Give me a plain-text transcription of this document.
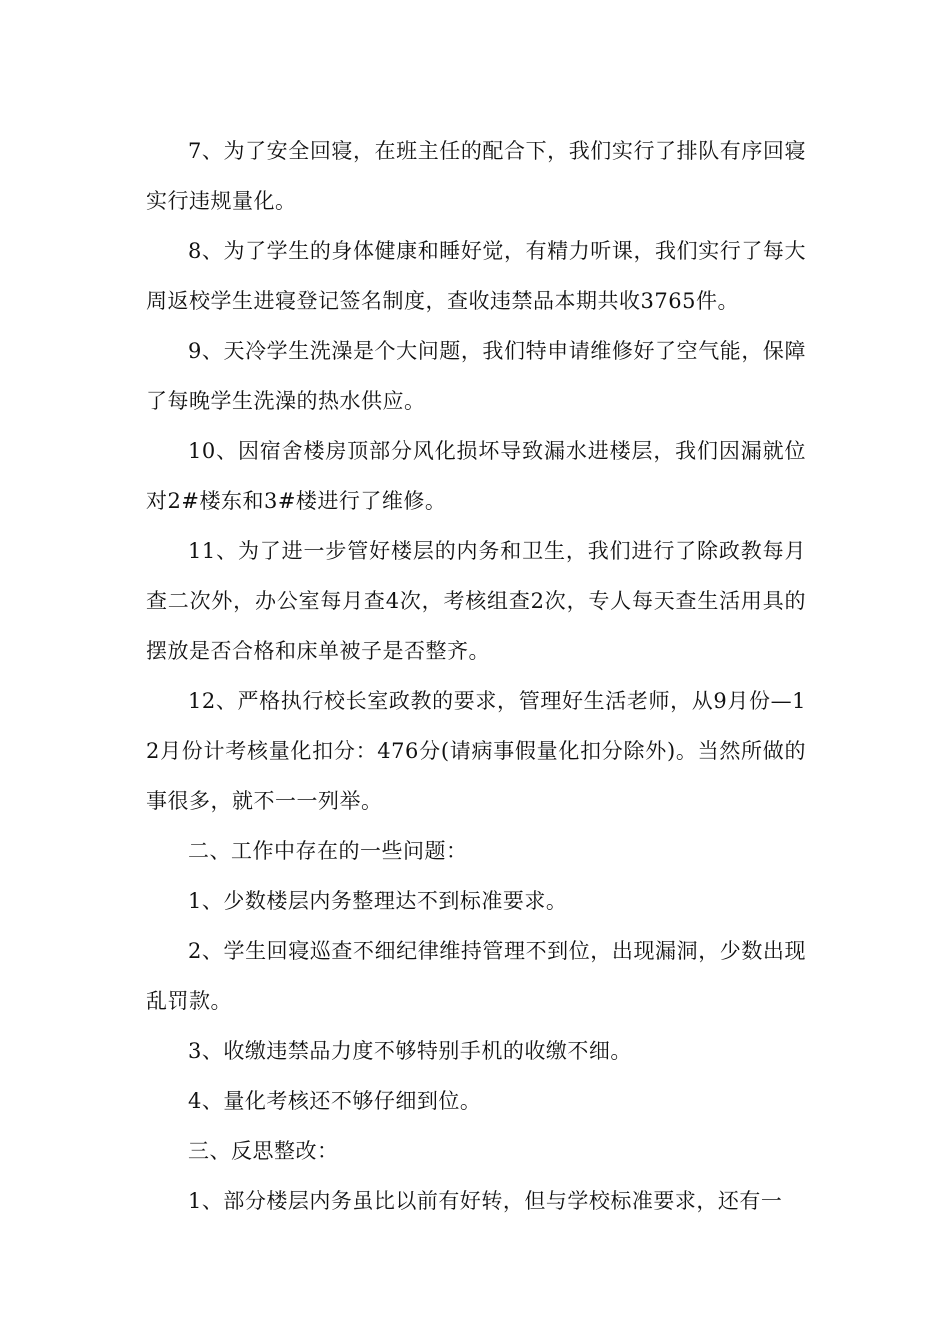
7、为了安全回寝，在班主任的配合下，我们实行了排队有序回寝实行违规量化。

8、为了学生的身体健康和睡好觉，有精力听课，我们实行了每大周返校学生进寝登记签名制度，查收违禁品本期共收3765件。

9、天冷学生洗澡是个大问题，我们特申请维修好了空气能，保障了每晚学生洗澡的热水供应。

10、因宿舍楼房顶部分风化损坏导致漏水进楼层，我们因漏就位对2#楼东和3#楼进行了维修。

11、为了进一步管好楼层的内务和卫生，我们进行了除政教每月查二次外，办公室每月查4次，考核组查2次，专人每天查生活用具的摆放是否合格和床单被子是否整齐。

12、严格执行校长室政教的要求，管理好生活老师，从9月份—12月份计考核量化扣分：476分(请病事假量化扣分除外)。当然所做的事很多，就不一一列举。

二、工作中存在的一些问题：

1、少数楼层内务整理达不到标准要求。

2、学生回寝巡查不细纪律维持管理不到位，出现漏洞，少数出现乱罚款。

3、收缴违禁品力度不够特别手机的收缴不细。

4、量化考核还不够仔细到位。

三、反思整改：

1、部分楼层内务虽比以前有好转，但与学校标准要求，还有一
